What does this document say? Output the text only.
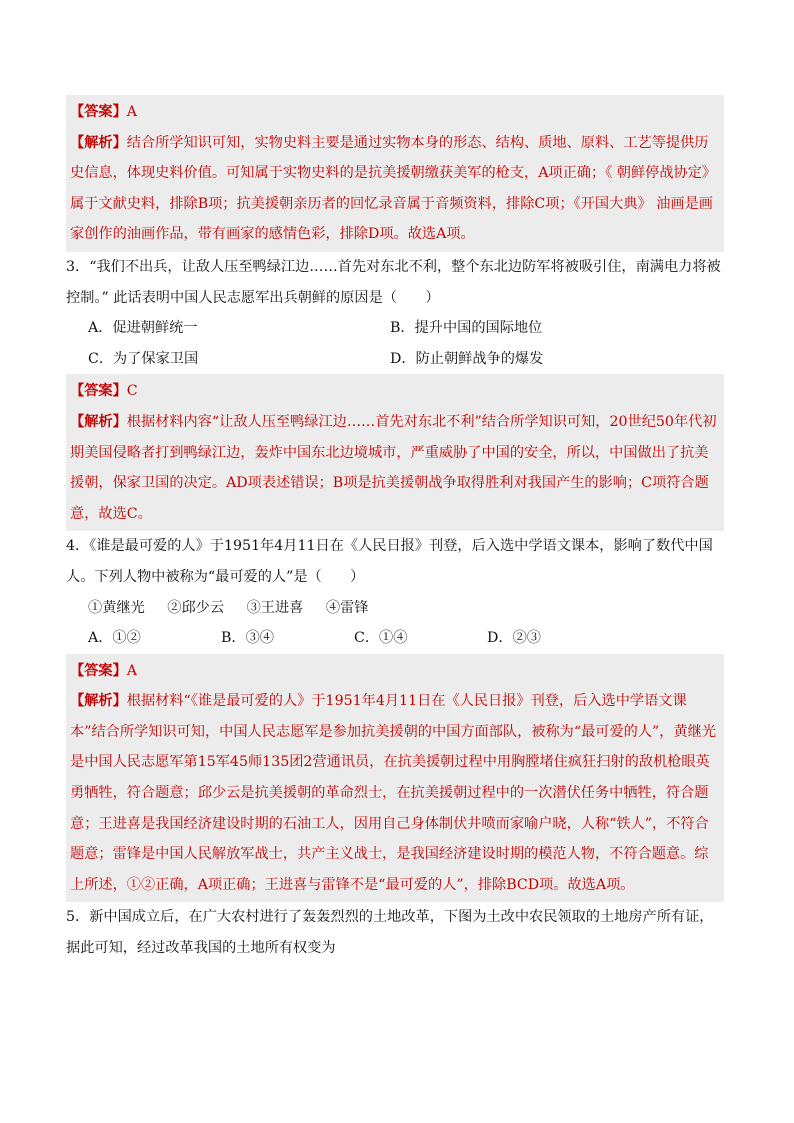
【答案】A

【解析】结合所学知识可知，实物史料主要是通过实物本身的形态、结构、质地、原料、工艺等提供历史信息，体现史料价值。可知属于实物史料的是抗美援朝缴获美军的枪支，A项正确；《 朝鲜停战协定》属于文献史料，排除B项；抗美援朝亲历者的回忆录音属于音频资料，排除C项；《开国大典》 油画是画家创作的油画作品，带有画家的感情色彩，排除D项。故选A项。

3．“我们不出兵，让敌人压至鸭绿江边……首先对东北不利，整个东北边防军将被吸引住，南满电力将被控制。” 此话表明中国人民志愿军出兵朝鲜的原因是（　　）

A．促进朝鲜统一	B．提升中国的国际地位
C．为了保家卫国	D．防止朝鲜战争的爆发

【答案】C

【解析】根据材料内容“让敌人压至鸭绿江边……首先对东北不利”结合所学知识可知，20世纪50年代初期美国侵略者打到鸭绿江边，轰炸中国东北边境城市，严重威胁了中国的安全，所以，中国做出了抗美援朝，保家卫国的决定。AD项表述错误；B项是抗美援朝战争取得胜利对我国产生的影响；C项符合题意，故选C。

4．《谁是最可爱的人》于1951年4月11日在《人民日报》刊登，后入选中学语文课本，影响了数代中国人。下列人物中被称为“最可爱的人”是（　　）

①黄继光 ②邱少云 ③王进喜 ④雷锋
A．①②	B．③④	C．①④	D．②③

【答案】A

【解析】根据材料“《谁是最可爱的人》于1951年4月11日在《人民日报》刊登，后入选中学语文课本”结合所学知识可知，中国人民志愿军是参加抗美援朝的中国方面部队，被称为“最可爱的人”，黄继光是中国人民志愿军第15军45师135团2营通讯员，在抗美援朝过程中用胸膛堵住疯狂扫射的敌机枪眼英勇牺牲，符合题意；邱少云是抗美援朝的革命烈士，在抗美援朝过程中的一次潜伏任务中牺牲，符合题意；王进喜是我国经济建设时期的石油工人，因用自己身体制伏井喷而家喻户晓，人称“铁人”，不符合题意；雷锋是中国人民解放军战士，共产主义战士，是我国经济建设时期的模范人物，不符合题意。综上所述，①②正确，A项正确；王进喜与雷锋不是“最可爱的人”，排除BCD项。故选A项。

5．新中国成立后，在广大农村进行了轰轰烈烈的土地改革，下图为土改中农民领取的土地房产所有证，据此可知，经过改革我国的土地所有权变为
